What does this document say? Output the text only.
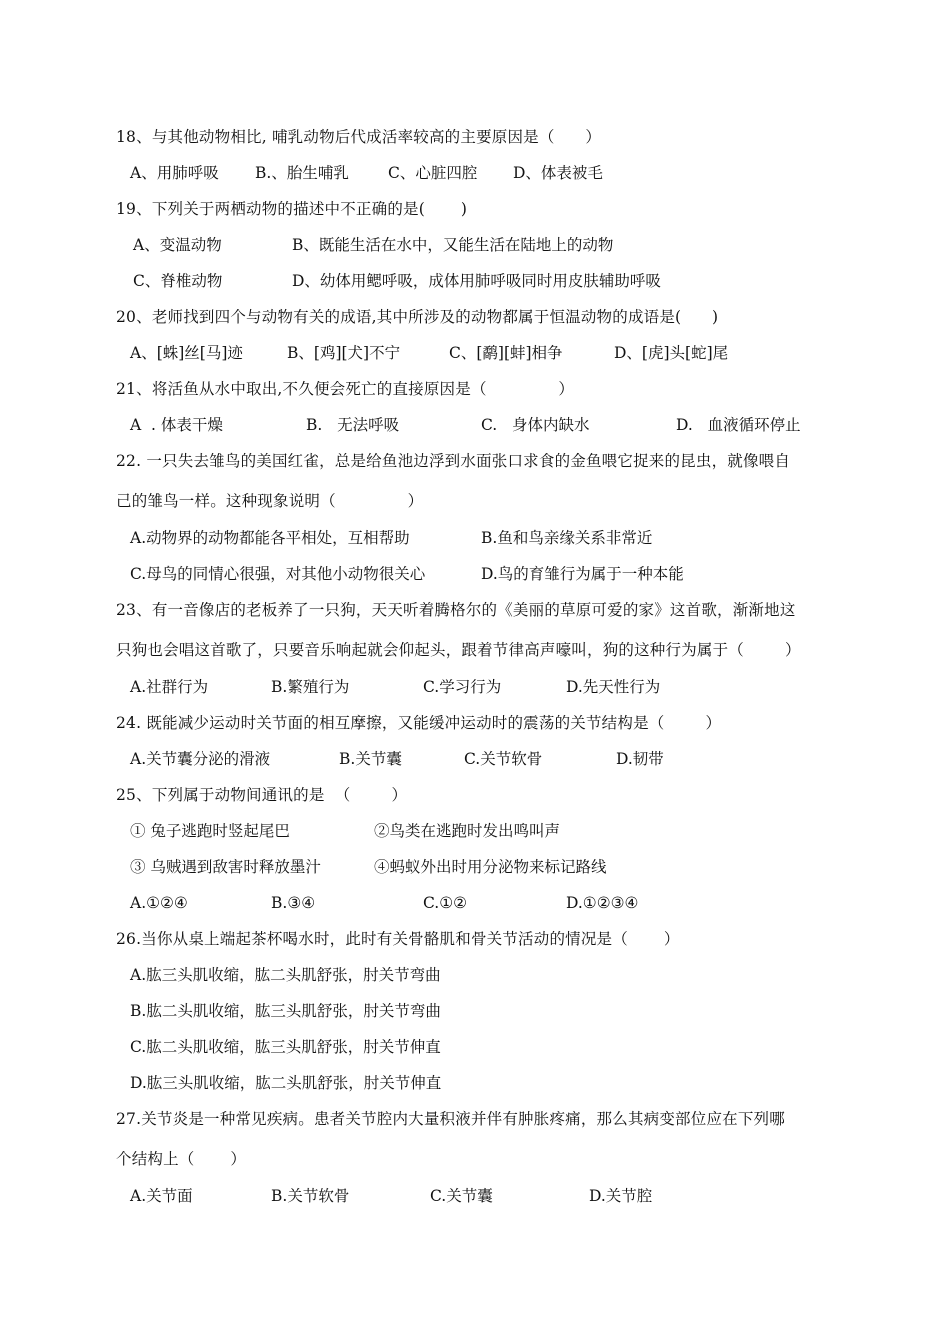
18、与其他动物相比, 哺乳动物后代成活率较高的主要原因是（      ）
A、用肺呼吸 B.、胎生哺乳	C、心脏四腔 D、体表被毛
19、下列关于两栖动物的描述中不正确的是(       )
A、变温动物	B、既能生活在水中，又能生活在陆地上的动物
C、脊椎动物	D、幼体用鳃呼吸，成体用肺呼吸同时用皮肤辅助呼吸
20、老师找到四个与动物有关的成语,其中所涉及的动物都属于恒温动物的成语是(      )
A、[蛛]丝[马]迹	B、[鸡][犬]不宁	C、[鹬][蚌]相争	D、[虎]头[蛇]尾
21、将活鱼从水中取出,不久便会死亡的直接原因是（              ）
A  . 体表干燥	B.   无法呼吸	C.   身体内缺水	D.   血液循环停止
22. 一只失去雏鸟的美国红雀，总是给鱼池边浮到水面张口求食的金鱼喂它捉来的昆虫，就像喂自
己的雏鸟一样。这种现象说明（              ）
A.动物界的动物都能各平相处，互相帮助	B.鱼和鸟亲缘关系非常近
C.母鸟的同情心很强，对其他小动物很关心	D.鸟的育雏行为属于一种本能
23、有一音像店的老板养了一只狗，天天听着腾格尔的《美丽的草原可爱的家》这首歌，渐渐地这
只狗也会唱这首歌了，只要音乐响起就会仰起头，跟着节律高声嚎叫，狗的这种行为属于（        ）
A.社群行为	B.繁殖行为	C.学习行为	D.先天性行为
24. 既能减少运动时关节面的相互摩擦，又能缓冲运动时的震荡的关节结构是（        ）
A.关节囊分泌的滑液	B.关节囊	C.关节软骨	D.韧带
25、下列属于动物间通讯的是  （        ）
① 兔子逃跑时竖起尾巴	②鸟类在逃跑时发出鸣叫声
③ 乌贼遇到敌害时释放墨汁	④蚂蚁外出时用分泌物来标记路线
A.①②④	B.③④	C.①②	D.①②③④
26.当你从桌上端起茶杯喝水时，此时有关骨骼肌和骨关节活动的情况是（       ）
A.肱三头肌收缩，肱二头肌舒张，肘关节弯曲
B.肱二头肌收缩，肱三头肌舒张，肘关节弯曲
C.肱二头肌收缩，肱三头肌舒张，肘关节伸直
D.肱三头肌收缩，肱二头肌舒张，肘关节伸直
27.关节炎是一种常见疾病。患者关节腔内大量积液并伴有肿胀疼痛，那么其病变部位应在下列哪
个结构上（       ）
A.关节面	B.关节软骨	C.关节囊	D.关节腔
